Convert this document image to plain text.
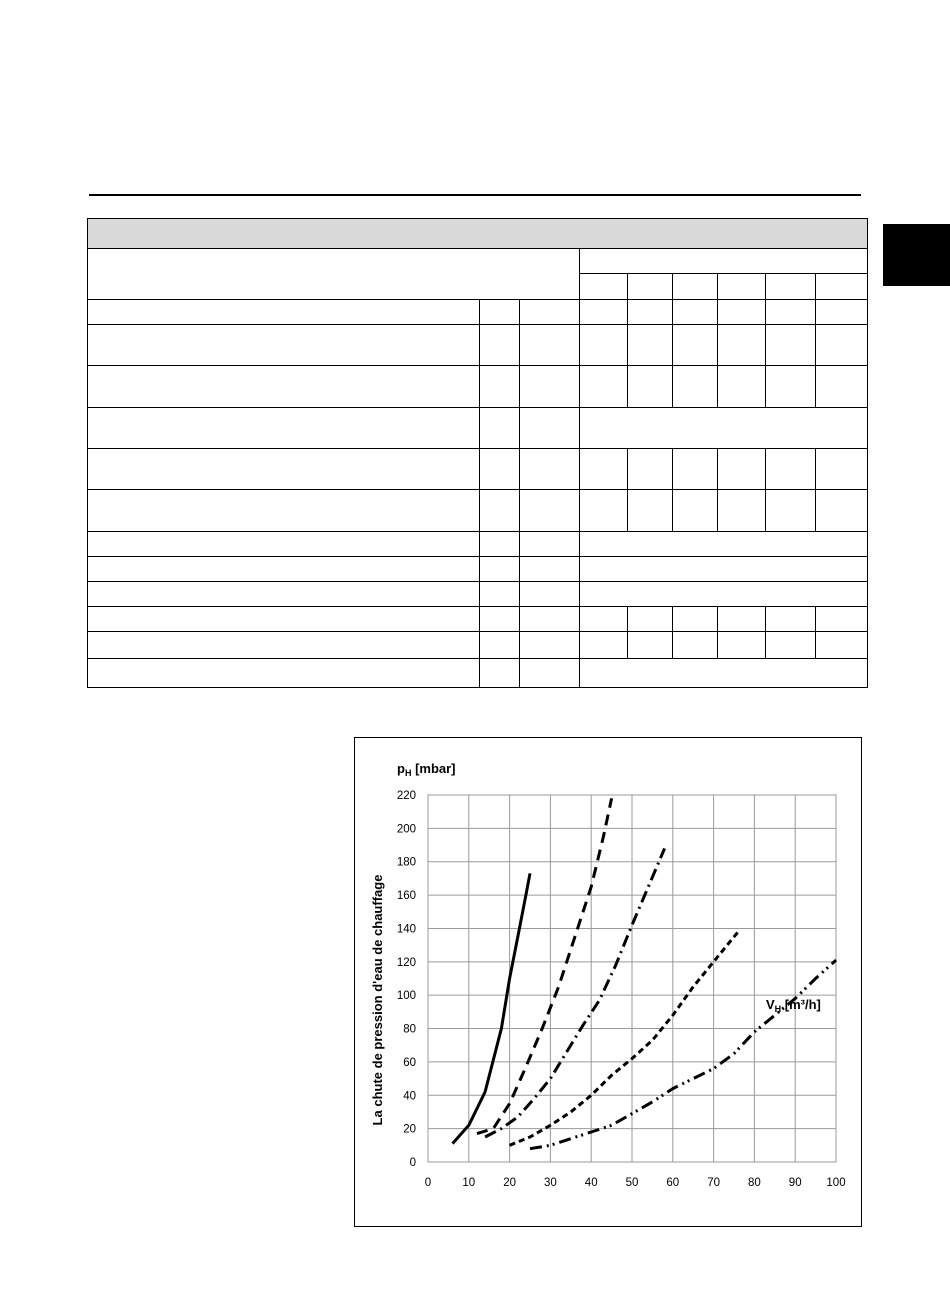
0	10 20 30 40 50 60 70 80 90 100
0
20
40
60
80
100
120
140
160
180
200
220
$p_H$ [mbar]
$V_H$ [m³/h]
La chute de pression d'eau de chauffage
